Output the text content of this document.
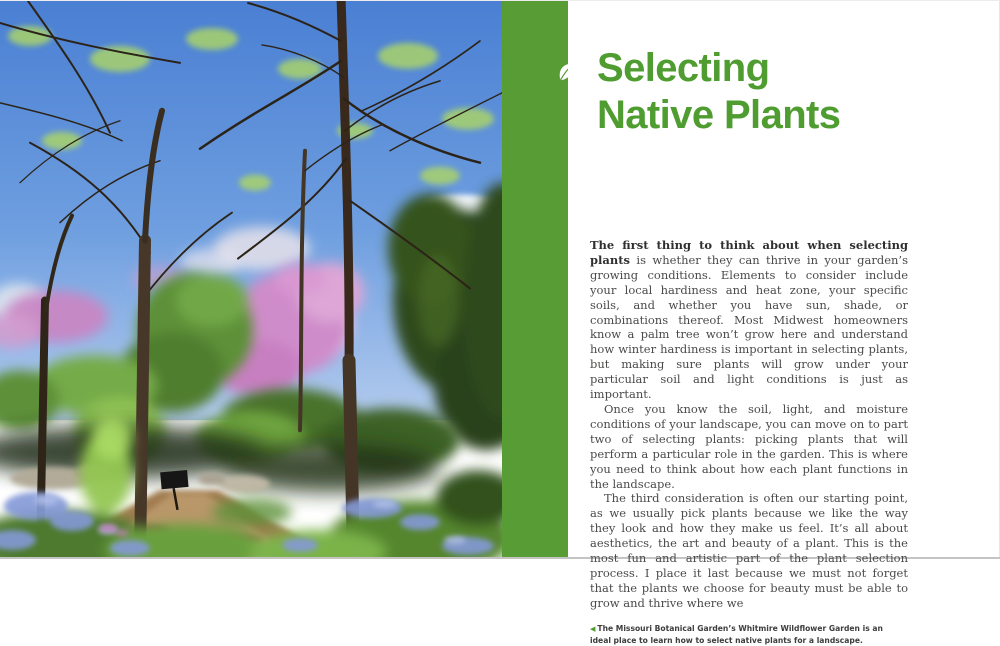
Selecting
Native Plants

The first thing to think about when selecting plants is whether they can thrive in your garden’s growing conditions. Elements to consider include your local hardiness and heat zone, your specific soils, and whether you have sun, shade, or combinations thereof. Most Midwest homeowners know a palm tree won’t grow here and understand how winter hardiness is important in selecting plants, but making sure plants will grow under your particular soil and light conditions is just as important.

Once you know the soil, light, and moisture conditions of your landscape, you can move on to part two of selecting plants: picking plants that will perform a particular role in the garden. This is where you need to think about how each plant functions in the landscape.

The third consideration is often our starting point, as we usually pick plants because we like the way they look and how they make us feel. It’s all about aesthetics, the art and beauty of a plant. This is the most fun and artistic part of the plant selection process. I place it last because we must not forget that the plants we choose for beauty must be able to grow and thrive where we

◀ The Missouri Botanical Garden’s Whitmire Wildflower Garden is an ideal place to learn how to select native plants for a landscape.
